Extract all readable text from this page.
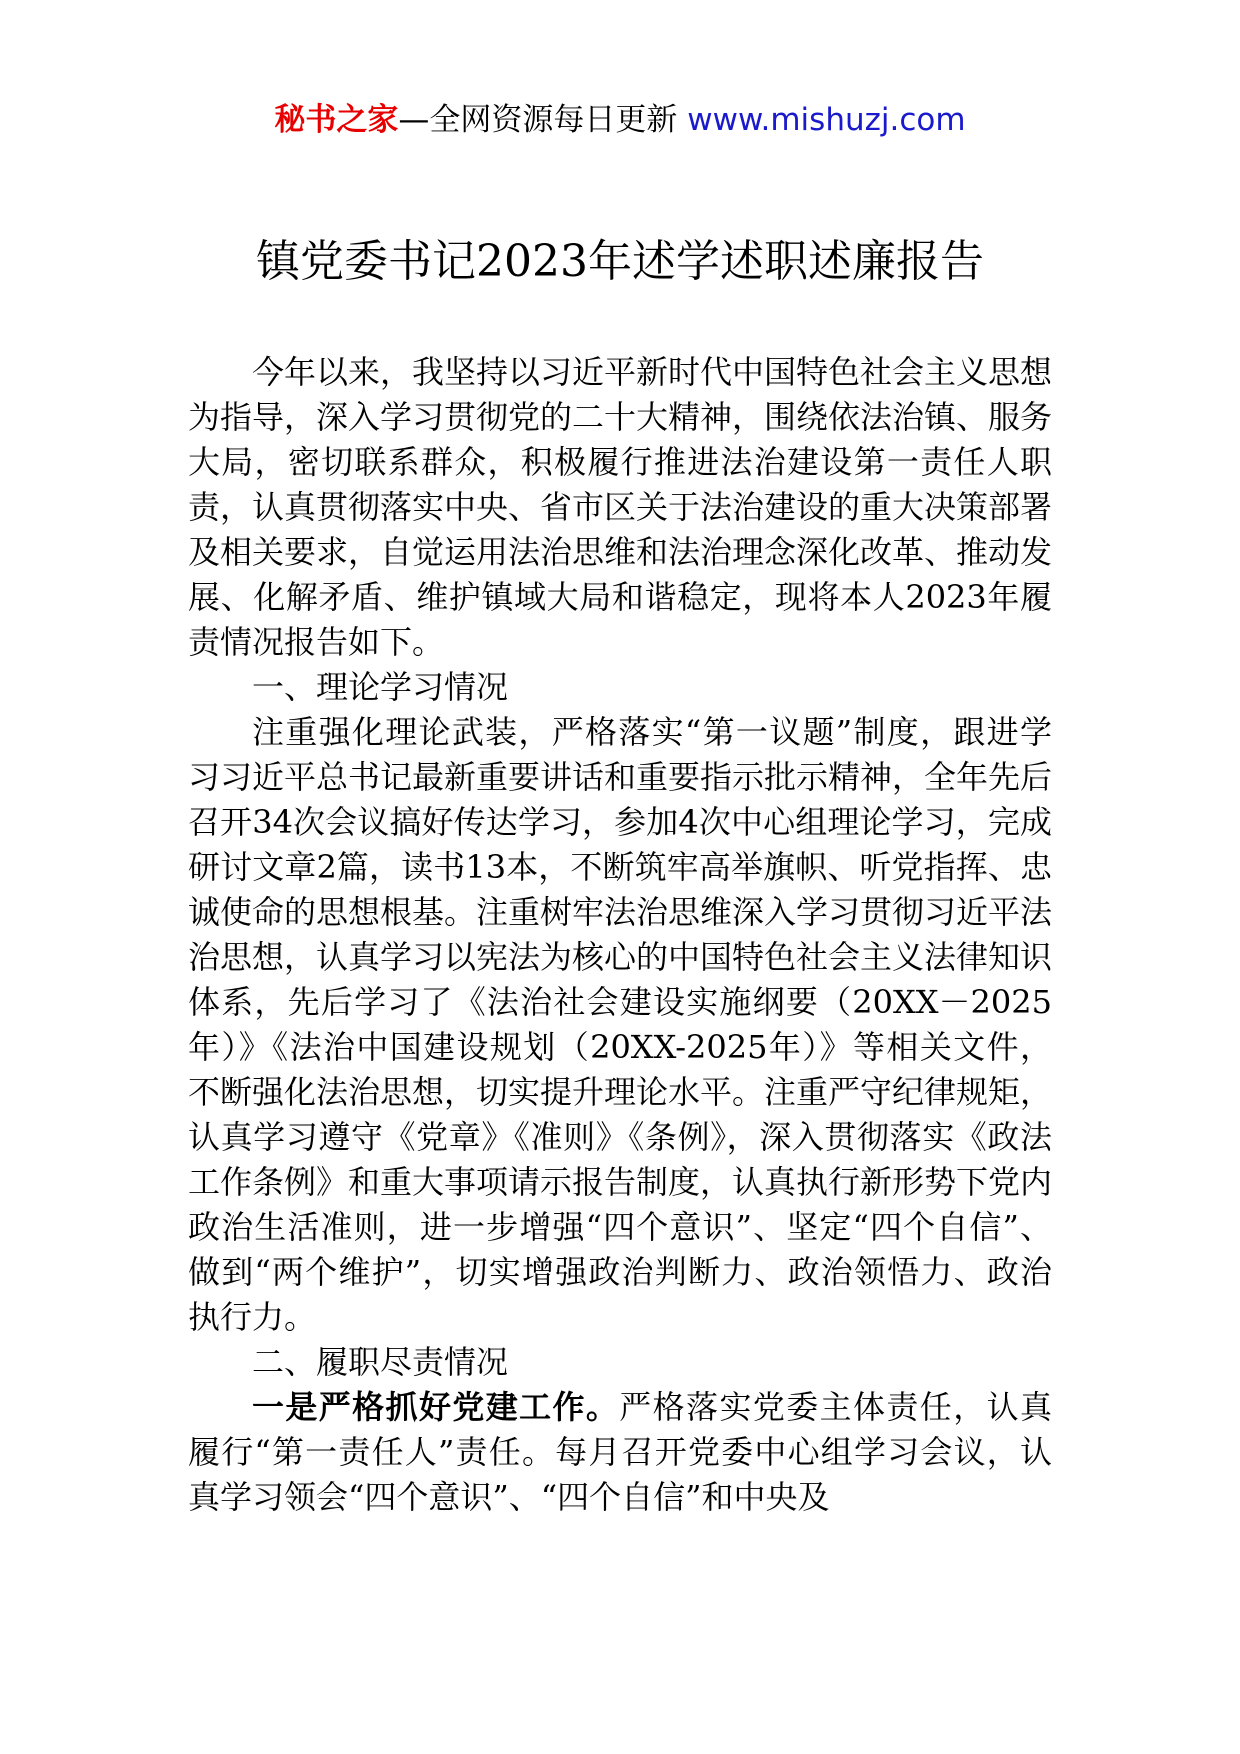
秘书之家—全网资源每日更新 www.mishuzj.com
镇党委书记2023年述学述职述廉报告

今年以来，我坚持以习近平新时代中国特色社会主义思想为指导，深入学习贯彻党的二十大精神，围绕依法治镇、服务大局，密切联系群众，积极履行推进法治建设第一责任人职责，认真贯彻落实中央、省市区关于法治建设的重大决策部署及相关要求，自觉运用法治思维和法治理念深化改革、推动发展、化解矛盾、维护镇域大局和谐稳定，现将本人2023年履责情况报告如下。

一、理论学习情况

注重强化理论武装，严格落实“第一议题”制度，跟进学习习近平总书记最新重要讲话和重要指示批示精神，全年先后召开34次会议搞好传达学习，参加4次中心组理论学习，完成研讨文章2篇，读书13本，不断筑牢高举旗帜、听党指挥、忠诚使命的思想根基。注重树牢法治思维深入学习贯彻习近平法治思想，认真学习以宪法为核心的中国特色社会主义法律知识体系，先后学习了《法治社会建设实施纲要（20XX－2025年）》《法治中国建设规划（20XX-2025年）》等相关文件，不断强化法治思想，切实提升理论水平。注重严守纪律规矩，认真学习遵守《党章》《准则》《条例》，深入贯彻落实《政法工作条例》和重大事项请示报告制度，认真执行新形势下党内政治生活准则，进一步增强“四个意识”、坚定“四个自信”、做到“两个维护”，切实增强政治判断力、政治领悟力、政治执行力。

二、履职尽责情况

一是严格抓好党建工作。严格落实党委主体责任，认真履行“第一责任人”责任。每月召开党委中心组学习会议，认真学习领会“四个意识”、“四个自信”和中央及
